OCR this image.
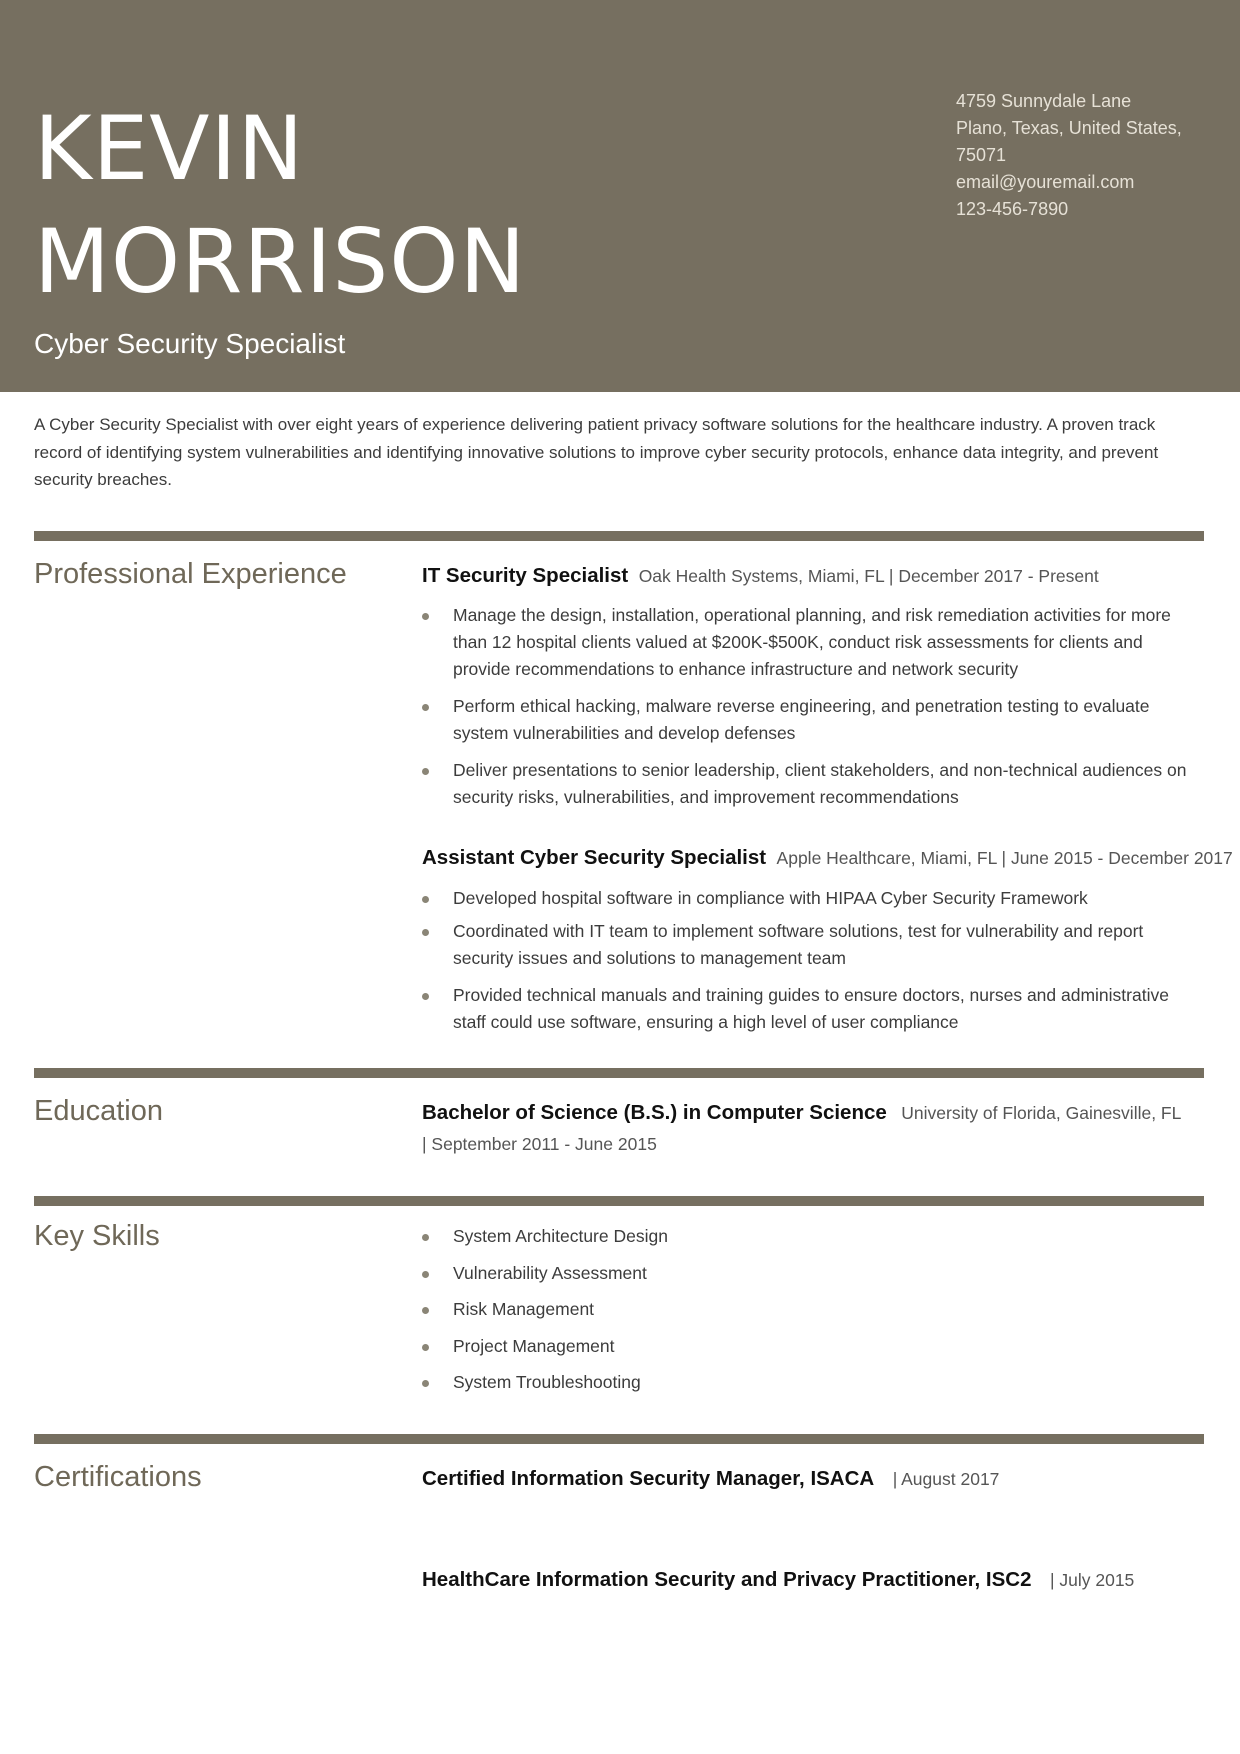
KEVIN
MORRISON
Cyber Security Specialist
4759 Sunnydale Lane
Plano, Texas, United States,
75071
email@youremail.com
123-456-7890
A Cyber Security Specialist with over eight years of experience delivering patient privacy software solutions for the healthcare industry. A proven track record of identifying system vulnerabilities and identifying innovative solutions to improve cyber security protocols, enhance data integrity, and prevent security breaches.
Professional Experience	IT Security Specialist Oak Health Systems, Miami, FL | December 2017 - Present
Manage the design, installation, operational planning, and risk remediation activities for more than 12 hospital clients valued at $200K-$500K, conduct risk assessments for clients and provide recommendations to enhance infrastructure and network security
Perform ethical hacking, malware reverse engineering, and penetration testing to evaluate system vulnerabilities and develop defenses
Deliver presentations to senior leadership, client stakeholders, and non-technical audiences on security risks, vulnerabilities, and improvement recommendations
Assistant Cyber Security Specialist Apple Healthcare, Miami, FL | June 2015 - December 2017
Developed hospital software in compliance with HIPAA Cyber Security Framework
Coordinated with IT team to implement software solutions, test for vulnerability and report security issues and solutions to management team
Provided technical manuals and training guides to ensure doctors, nurses and administrative staff could use software, ensuring a high level of user compliance
Education	Bachelor of Science (B.S.) in Computer Science University of Florida, Gainesville, FL
| September 2011 - June 2015
Key Skills	System Architecture Design
Vulnerability Assessment
Risk Management
Project Management
System Troubleshooting
Certifications	Certified Information Security Manager, ISACA | August 2017
HealthCare Information Security and Privacy Practitioner, ISC2 | July 2015
